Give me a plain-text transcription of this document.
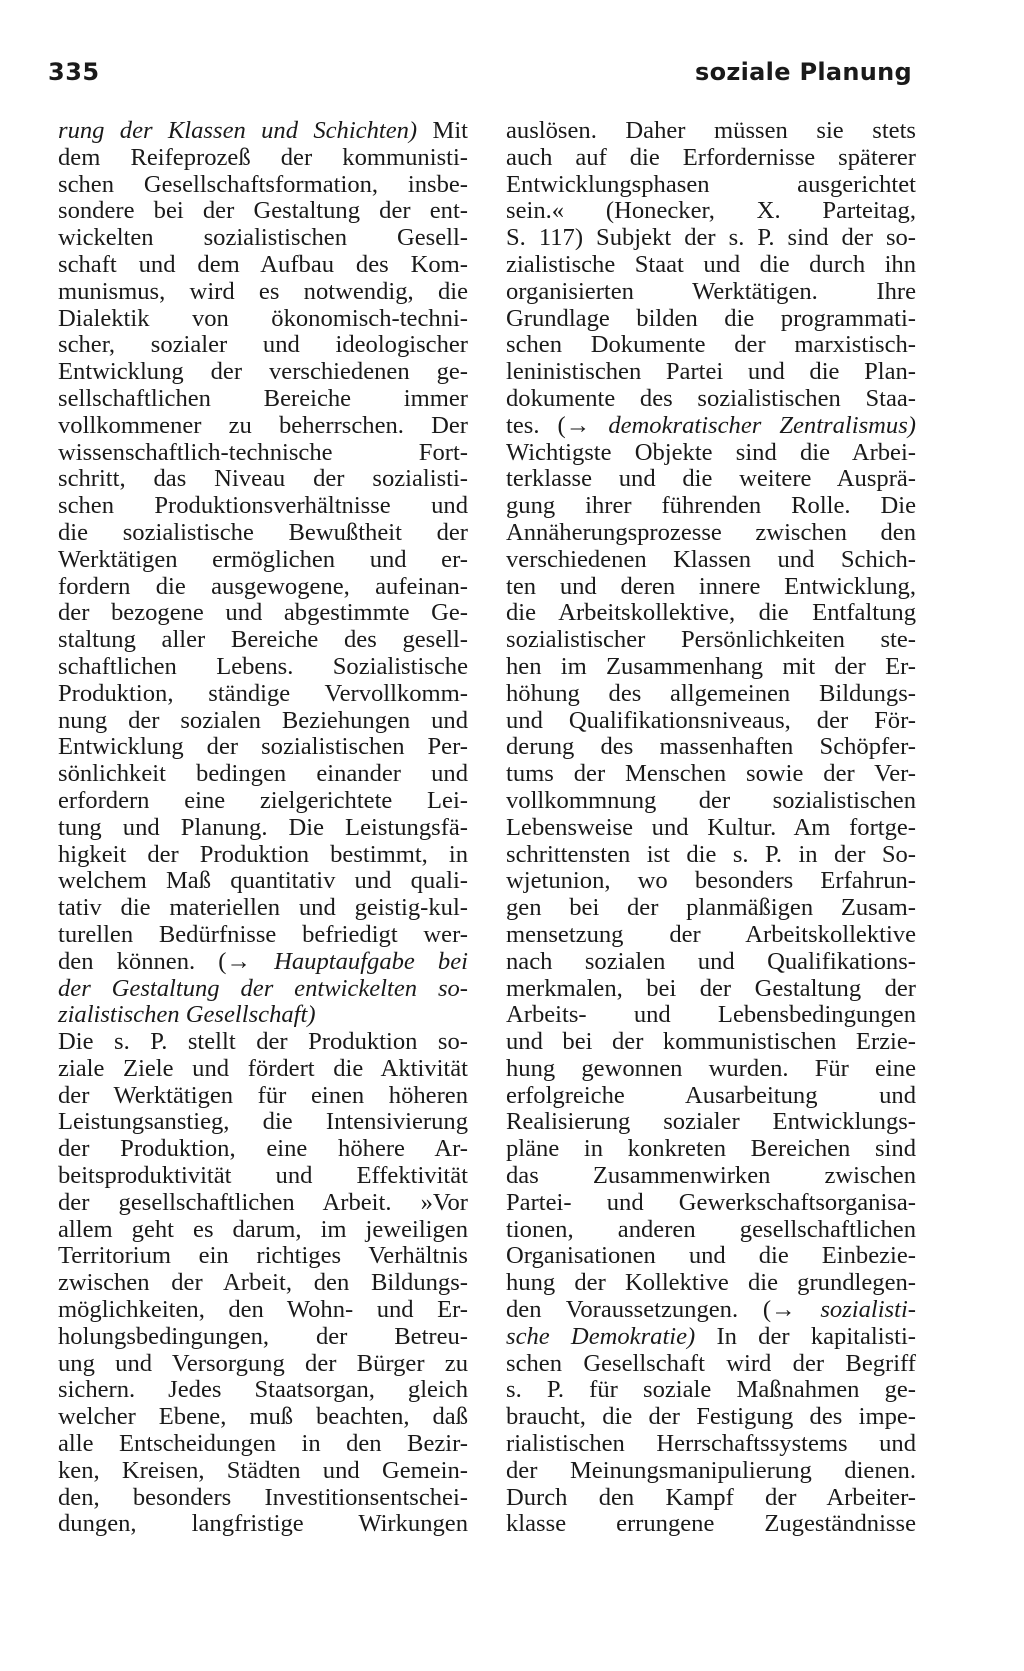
335	soziale Planung
rung der Klassen und Schichten) Mit
dem Reifeprozeß der kommunisti-
schen Gesellschaftsformation, insbe-
sondere bei der Gestaltung der ent-
wickelten sozialistischen Gesell-
schaft und dem Aufbau des Kom-
munismus, wird es notwendig, die
Dialektik von ökonomisch-techni-
scher, sozialer und ideologischer
Entwicklung der verschiedenen ge-
sellschaftlichen Bereiche immer
vollkommener zu beherrschen. Der
wissenschaftlich-technische Fort-
schritt, das Niveau der sozialisti-
schen Produktionsverhältnisse und
die sozialistische Bewußtheit der
Werktätigen ermöglichen und er-
fordern die ausgewogene, aufeinan-
der bezogene und abgestimmte Ge-
staltung aller Bereiche des gesell-
schaftlichen Lebens. Sozialistische
Produktion, ständige Vervollkomm-
nung der sozialen Beziehungen und
Entwicklung der sozialistischen Per-
sönlichkeit bedingen einander und
erfordern eine zielgerichtete Lei-
tung und Planung. Die Leistungsfä-
higkeit der Produktion bestimmt, in
welchem Maß quantitativ und quali-
tativ die materiellen und geistig-kul-
turellen Bedürfnisse befriedigt wer-
den können. (→ Hauptaufgabe bei
der Gestaltung der entwickelten so-
zialistischen Gesellschaft)
Die s. P. stellt der Produktion so-
ziale Ziele und fördert die Aktivität
der Werktätigen für einen höheren
Leistungsanstieg, die Intensivierung
der Produktion, eine höhere Ar-
beitsproduktivität und Effektivität
der gesellschaftlichen Arbeit. »Vor
allem geht es darum, im jeweiligen
Territorium ein richtiges Verhältnis
zwischen der Arbeit, den Bildungs-
möglichkeiten, den Wohn- und Er-
holungsbedingungen, der Betreu-
ung und Versorgung der Bürger zu
sichern. Jedes Staatsorgan, gleich
welcher Ebene, muß beachten, daß
alle Entscheidungen in den Bezir-
ken, Kreisen, Städten und Gemein-
den, besonders Investitionsentschei-
dungen, langfristige Wirkungen
auslösen. Daher müssen sie stets
auch auf die Erfordernisse späterer
Entwicklungsphasen ausgerichtet
sein.« (Honecker, X. Parteitag,
S. 117) Subjekt der s. P. sind der so-
zialistische Staat und die durch ihn
organisierten Werktätigen. Ihre
Grundlage bilden die programmati-
schen Dokumente der marxistisch-
leninistischen Partei und die Plan-
dokumente des sozialistischen Staa-
tes. (→ demokratischer Zentralismus)
Wichtigste Objekte sind die Arbei-
terklasse und die weitere Ausprä-
gung ihrer führenden Rolle. Die
Annäherungsprozesse zwischen den
verschiedenen Klassen und Schich-
ten und deren innere Entwicklung,
die Arbeitskollektive, die Entfaltung
sozialistischer Persönlichkeiten ste-
hen im Zusammenhang mit der Er-
höhung des allgemeinen Bildungs-
und Qualifikationsniveaus, der För-
derung des massenhaften Schöpfer-
tums der Menschen sowie der Ver-
vollkommnung der sozialistischen
Lebensweise und Kultur. Am fortge-
schrittensten ist die s. P. in der So-
wjetunion, wo besonders Erfahrun-
gen bei der planmäßigen Zusam-
mensetzung der Arbeitskollektive
nach sozialen und Qualifikations-
merkmalen, bei der Gestaltung der
Arbeits- und Lebensbedingungen
und bei der kommunistischen Erzie-
hung gewonnen wurden. Für eine
erfolgreiche Ausarbeitung und
Realisierung sozialer Entwicklungs-
pläne in konkreten Bereichen sind
das Zusammenwirken zwischen
Partei- und Gewerkschaftsorganisa-
tionen, anderen gesellschaftlichen
Organisationen und die Einbezie-
hung der Kollektive die grundlegen-
den Voraussetzungen. (→ sozialisti-
sche Demokratie) In der kapitalisti-
schen Gesellschaft wird der Begriff
s. P. für soziale Maßnahmen ge-
braucht, die der Festigung des impe-
rialistischen Herrschaftssystems und
der Meinungsmanipulierung dienen.
Durch den Kampf der Arbeiter-
klasse errungene Zugeständnisse
